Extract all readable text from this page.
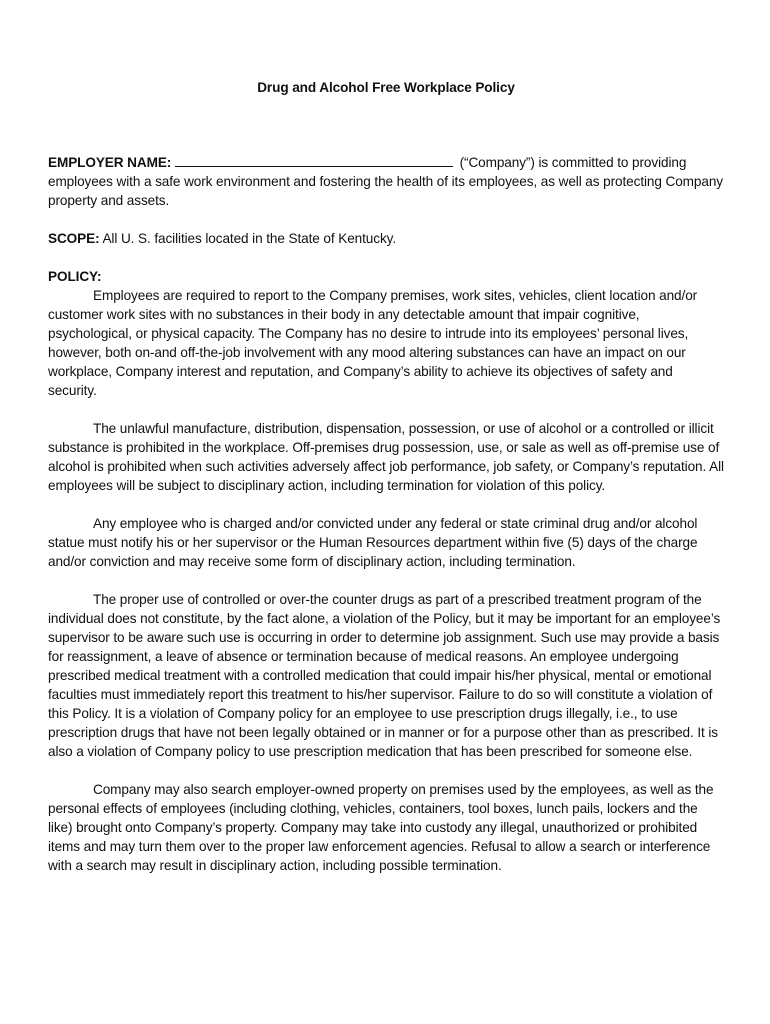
Drug and Alcohol Free Workplace Policy

EMPLOYER NAME:	(“Company”) is committed to providing employees with a safe work environment and fostering the health of its employees, as well as protecting Company property and assets.

SCOPE: All U. S. facilities located in the State of Kentucky.

POLICY:

Employees are required to report to the Company premises, work sites, vehicles, client location and/or customer work sites with no substances in their body in any detectable amount that impair cognitive, psychological, or physical capacity. The Company has no desire to intrude into its employees’ personal lives, however, both on-and off-the-job involvement with any mood altering substances can have an impact on our workplace, Company interest and reputation, and Company’s ability to achieve its objectives of safety and security.

The unlawful manufacture, distribution, dispensation, possession, or use of alcohol or a controlled or illicit substance is prohibited in the workplace. Off-premises drug possession, use, or sale as well as off-premise use of alcohol is prohibited when such activities adversely affect job performance, job safety, or Company’s reputation. All employees will be subject to disciplinary action, including termination for violation of this policy.

Any employee who is charged and/or convicted under any federal or state criminal drug and/or alcohol statue must notify his or her supervisor or the Human Resources department within five (5) days of the charge and/or conviction and may receive some form of disciplinary action, including termination.

The proper use of controlled or over-the counter drugs as part of a prescribed treatment program of the individual does not constitute, by the fact alone, a violation of the Policy, but it may be important for an employee’s supervisor to be aware such use is occurring in order to determine job assignment. Such use may provide a basis for reassignment, a leave of absence or termination because of medical reasons. An employee undergoing prescribed medical treatment with a controlled medication that could impair his/her physical, mental or emotional faculties must immediately report this treatment to his/her supervisor. Failure to do so will constitute a violation of this Policy. It is a violation of Company policy for an employee to use prescription drugs illegally, i.e., to use prescription drugs that have not been legally obtained or in manner or for a purpose other than as prescribed. It is also a violation of Company policy to use prescription medication that has been prescribed for someone else.

Company may also search employer-owned property on premises used by the employees, as well as the personal effects of employees (including clothing, vehicles, containers, tool boxes, lunch pails, lockers and the like) brought onto Company’s property. Company may take into custody any illegal, unauthorized or prohibited items and may turn them over to the proper law enforcement agencies. Refusal to allow a search or interference with a search may result in disciplinary action, including possible termination.
